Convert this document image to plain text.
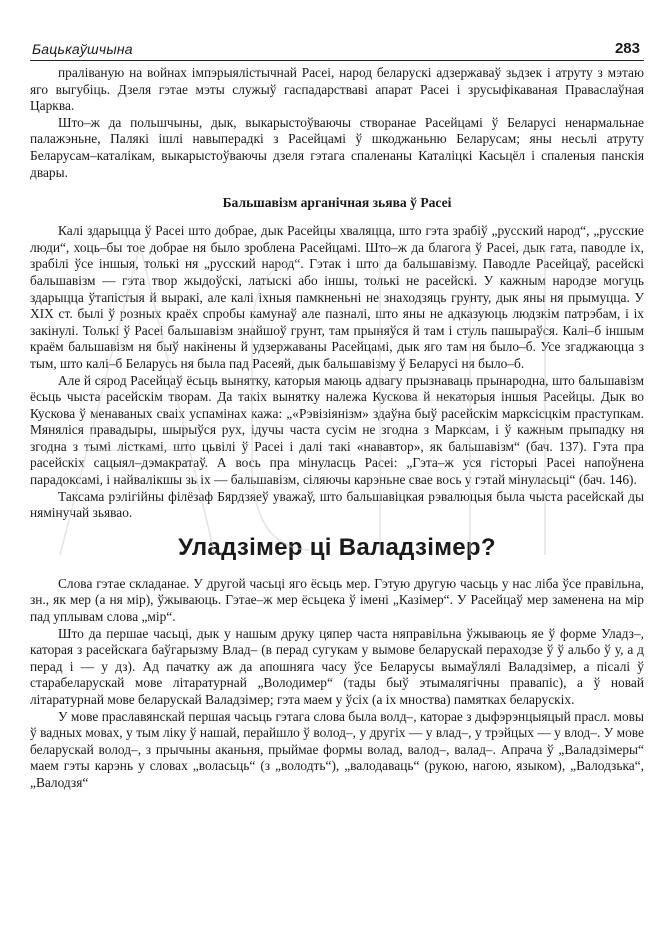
Бацькаўшчына	283

праліваную на войнах імпэрыялістычнай Расеі, народ беларускі адзержаваў зьдзек і атруту з мэтаю яго выгубіць. Дзеля гэтае мэты служыў гаспадарстваві апарат Расеі і зрусыфікаваная Праваслаўная Царква.

Што–ж да польшчыны, дык, выкарыстоўваючы створанае Расейцамі ў Беларусі ненармальнае палажэньне, Палякі ішлі навыперадкі з Расейцамі ў шкоджаньню Беларусам; яны несьлі атруту Беларусам–каталікам, выкарыстоўваючы дзеля гэтага спаленаны Каталіцкі Касьцёл і спаленыя панскія двары.

Бальшавізм арганічная зьява ў Расеі

Калі здарыцца ў Расеі што добрае, дык Расейцы хваляцца, што гэта зрабіў „русский народ“, „русские люди“, хоць–бы тое добрае ня было зроблена Расейцамі. Што–ж да благога ў Расеі, дык гата, паводле іх, зрабілі ўсе іншыя, толькі ня „русский народ“. Гэтак і што да бальшавізму. Паводле Расейцаў, расейскі бальшавізм — гэта твор жыдоўскі, латыскі або іншы, толькі не расейскі. У кажным народзе могуць здарыцца ўтапістыя й выракі, але калі іхныя памкненьні не знаходзяць грунту, дык яны ня прымуцца. У XIX ст. былі ў розных краёх спробы камунаў але пазналі, што яны не адказуюць людзкім патрэбам, і іх закінулі. Толькі ў Расеі бальшавізм знайшоў грунт, там прыняўся й там і стуль пашыраўся. Калі–б іншым краём бальшавізм ня быў накінены й удзержаваны Расейцамі, дык яго там ня было–б. Усе згаджаюцца з тым, што калі–б Беларусь ня была пад Расеяй, дык бальшавізму ў Беларусі ня было–б.

Але й сярод Расейцаў ёсьць вынятку, каторыя маюць адвагу прызнаваць прынародна, што бальшавізм ёсьць чыста расейскім творам. Да такіх вынятку належа Кускова й некаторыя іншыя Расейцы. Дык во Кускова ў менаваных сваіх успамінах кажа: „«Рэвізіянізм» здаўна быў расейскім марксісцкім праступкам. Мяняліся правадыры, шырыўся рух, ідучы часта сусім не згодна з Марксам, і ў кажным прыпадку ня згодна з тымі лісткамі, што цьвілі ў Расеі і далі такі «нававтор», як бальшавізм“ (бач. 137). Гэта пра расейскіх сацыял–дэмакратаў. А вось пра мінуласць Расеі: „Гэта–ж уся гісторыі Расеі напоўнена парадоксамі, і найвалікшы зь іх — бальшавізм, сіляючы карэньне свае вось у гэтай мінуласьці“ (бач. 146).

Таксама рэлігійны філёзаф Бярдзяеў уважаў, што бальшавіцкая рэвалюцыя была чыста расейскай ды нямінучай зьявао.

Уладзімер ці Валадзімер?

Слова гэтае складанае. У другой часьці яго ёсьць мер. Гэтую другую часьць у нас ліба ўсе правільна, зн., як мер (а ня мір), ўжываюць. Гэтае–ж мер ёсьцека ў імені „Казімер“. У Расейцаў мер заменена на мір пад уплывам слова „мір“.

Што да першае часьці, дык у нашым друку цяпер часта няправільна ўжываюць яе ў форме Уладз–, каторая з расейскага баўгарызму Влад– (в перад сугукам у вымове беларускай пераходзе ў ў альбо ў у, а д перад і — у дз). Ад пачатку аж да апошняга часу ўсе Беларусы вымаўлялі Валадзімер, а пісалі ў старабеларускай мове літаратурнай „Володимер“ (тады быў этымалягічны правапіс), а ў новай літаратурнай мове беларускай Валадзімер; гэта маем у ўсіх (а іх мноства) памятках беларускіх.

У мове праславянскай першая часьць гэтага слова была волд–, каторае з дыфэрэнцыяцый прасл. мовы ў вадных мовах, у тым ліку ў нашай, перайшло ў волод–, у другіх — у влад–, у трэйцых — у влод–. У мове беларускай волод–, з прычыны аканьня, прыймае формы волад, валод–, валад–. Апрача ў „Валадзімеры“ маем гэты карэнь у словах „воласьць“ (з „володть“), „валодаваць“ (рукою, нагою, языком), „Валодзька“, „Валодзя“
